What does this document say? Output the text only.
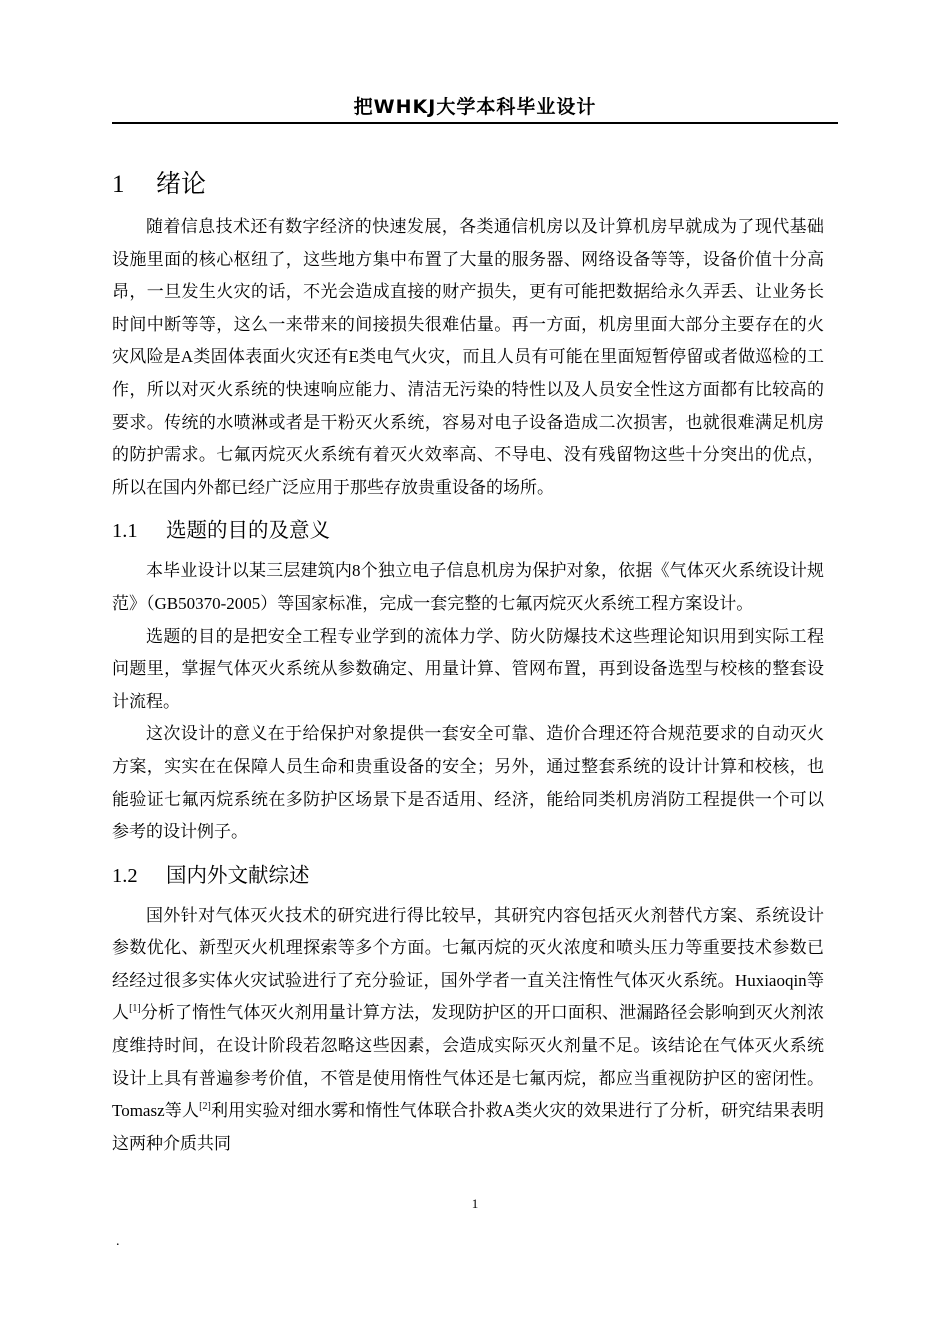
把WHKJ大学本科毕业设计
1 绪论

随着信息技术还有数字经济的快速发展，各类通信机房以及计算机房早就成为了现代基础设施里面的核心枢纽了，这些地方集中布置了大量的服务器、网络设备等等，设备价值十分高昂，一旦发生火灾的话，不光会造成直接的财产损失，更有可能把数据给永久弄丢、让业务长时间中断等等，这么一来带来的间接损失很难估量。再一方面，机房里面大部分主要存在的火灾风险是A类固体表面火灾还有E类电气火灾，而且人员有可能在里面短暂停留或者做巡检的工作，所以对灭火系统的快速响应能力、清洁无污染的特性以及人员安全性这方面都有比较高的要求。传统的水喷淋或者是干粉灭火系统，容易对电子设备造成二次损害，也就很难满足机房的防护需求。七氟丙烷灭火系统有着灭火效率高、不导电、没有残留物这些十分突出的优点，所以在国内外都已经广泛应用于那些存放贵重设备的场所。

1.1 选题的目的及意义

本毕业设计以某三层建筑内8个独立电子信息机房为保护对象，依据《气体灭火系统设计规范》（GB50370-2005）等国家标准，完成一套完整的七氟丙烷灭火系统工程方案设计。

选题的目的是把安全工程专业学到的流体力学、防火防爆技术这些理论知识用到实际工程问题里，掌握气体灭火系统从参数确定、用量计算、管网布置，再到设备选型与校核的整套设计流程。

这次设计的意义在于给保护对象提供一套安全可靠、造价合理还符合规范要求的自动灭火方案，实实在在保障人员生命和贵重设备的安全；另外，通过整套系统的设计计算和校核，也能验证七氟丙烷系统在多防护区场景下是否适用、经济，能给同类机房消防工程提供一个可以参考的设计例子。

1.2 国内外文献综述

国外针对气体灭火技术的研究进行得比较早，其研究内容包括灭火剂替代方案、系统设计参数优化、新型灭火机理探索等多个方面。七氟丙烷的灭火浓度和喷头压力等重要技术参数已经经过很多实体火灾试验进行了充分验证，国外学者一直关注惰性气体灭火系统。Huxiaoqin等人[1]分析了惰性气体灭火剂用量计算方法，发现防护区的开口面积、泄漏路径会影响到灭火剂浓度维持时间，在设计阶段若忽略这些因素，会造成实际灭火剂量不足。该结论在气体灭火系统设计上具有普遍参考价值，不管是使用惰性气体还是七氟丙烷，都应当重视防护区的密闭性。Tomasz等人[2]利用实验对细水雾和惰性气体联合扑救A类火灾的效果进行了分析，研究结果表明这两种介质共同

1
.
